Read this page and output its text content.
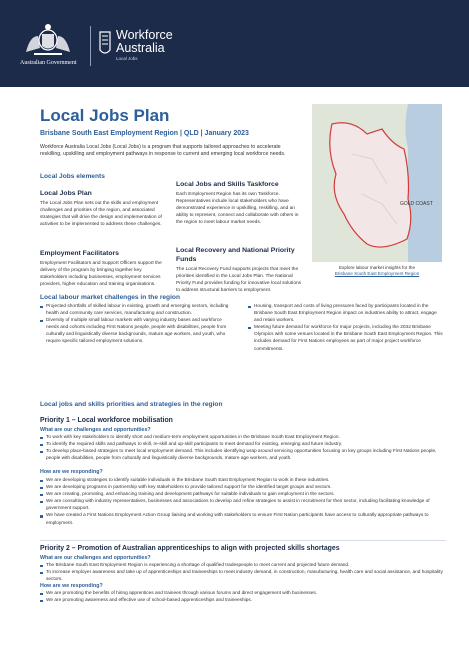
Australian Government
Workforce
Australia
Local Jobs
Local Jobs Plan
Brisbane South East Employment Region | QLD | January 2023
Workforce Australia Local Jobs (Local Jobs) is a program that supports tailored approaches to accelerate reskilling, upskilling and employment pathways in response to current and emerging local workforce needs.
Local Jobs elements
Local Jobs Plan
The Local Jobs Plan sets out the skills and employment challenges and priorities of the region, and associated strategies that will drive the design and implementation of activities to be implemented to address these challenges.
Employment Facilitators
Employment Facilitators and Support Officers support the delivery of the program by bringing together key stakeholders including businesses, employment services providers, higher education and training organisations.
Local Jobs and Skills Taskforce
Each Employment Region has its own Taskforce. Representatives include local stakeholders who have demonstrated experience in upskilling, reskilling, and an ability to represent, connect and collaborate with others in the region to meet labour market needs.
Local Recovery and National Priority Funds
The Local Recovery Fund supports projects that meet the priorities identified in the Local Jobs Plan. The National Priority Fund provides funding for innovative local solutions to address structural barriers to employment.
GOLD COAST
Explore labour market insights for the
Brisbane South East Employment Region
Local labour market challenges in the region
Projected shortfalls of skilled labour in existing, growth and emerging sectors, including health and community care services, manufacturing and construction.
Diversity of multiple small labour markets with varying industry bases and workforce needs and cohorts including First Nations people, people with disabilities, people from culturally and linguistically diverse backgrounds, mature age workers, and youth, who require specific tailored employment solutions.
Housing, transport and costs of living pressures faced by participants located in the Brisbane South East Employment Region impact on industries ability to attract, engage and retain workers.
Meeting future demand for workforce for major projects, including the 2032 Brisbane Olympics with some venues located in the Brisbane South East Employment Region. This includes demand for First Nations employees as part of major project workforce commitments.
Local jobs and skills priorities and strategies in the region
Priority 1 – Local workforce mobilisation
What are our challenges and opportunities?
To work with key stakeholders to identify short and medium-term employment opportunities in the Brisbane South East Employment Region.
To identify the required skills and pathways to skill, re-skill and up-skill participants to meet demand for existing, emerging and future industry.
To develop place-based strategies to meet local employment demand. This includes identifying wrap around servicing opportunities focusing on key groups including First Nations people, people with disabilities, people from culturally and linguistically diverse backgrounds, mature age workers, and youth.
How are we responding?
We are developing strategies to identify suitable individuals in the Brisbane South East Employment Region to work in these industries.
We are developing programs in partnership with key stakeholders to provide tailored support for the identified target groups and sectors.
We are creating, promoting, and enhancing training and development pathways for suitable individuals to gain employment in the sectors.
We are consulting with industry representatives, businesses and associations to develop and refine strategies to assist in recruitment for their sector, including facilitating knowledge of government support.
We have created a First Nations Employment Action Group liaising and working with stakeholders to ensure First Nation participants have access to culturally appropriate pathways to employment.
Priority 2 – Promotion of Australian apprenticeships to align with projected skills shortages
What are our challenges and opportunities?
The Brisbane South East Employment Region is experiencing a shortage of qualified tradespeople to meet current and projected future demand.
To increase employer awareness and take up of apprenticeships and traineeships to meet industry demand, in construction, manufacturing, health care and social assistance, and hospitality sectors.
How are we responding?
We are promoting the benefits of hiring apprentices and trainees through various forums and direct engagement with businesses.
We are promoting awareness and effective use of school-based apprenticeships and traineeships.
